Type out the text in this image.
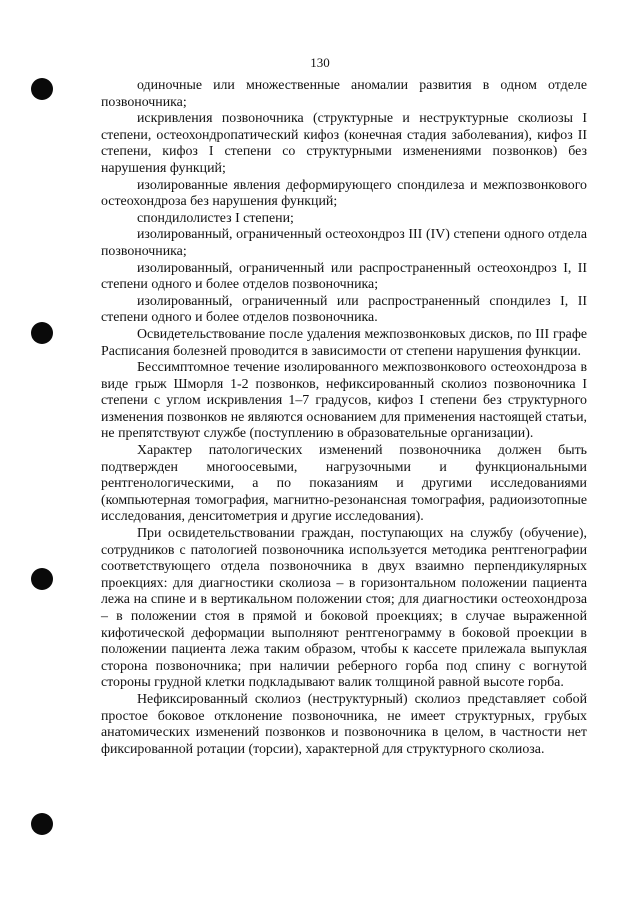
130

одиночные или множественные аномалии развития в одном отделе позвоночника;

искривления позвоночника (структурные и неструктурные сколиозы I степени, остеохондропатический кифоз (конечная стадия заболевания), кифоз II степени, кифоз I степени со структурными изменениями позвонков) без нарушения функций;

изолированные явления деформирующего спондилеза и межпозвонкового остеохондроза без нарушения функций;

спондилолистез I степени;

изолированный, ограниченный остеохондроз III (IV) степени одного отдела позвоночника;

изолированный, ограниченный или распространенный остеохондроз I, II степени одного и более отделов позвоночника;

изолированный, ограниченный или распространенный спондилез I, II степени одного и более отделов позвоночника.

Освидетельствование после удаления межпозвонковых дисков, по III графе Расписания болезней проводится в зависимости от степени нарушения функции.

Бессимптомное течение изолированного межпозвонкового остеохондроза в виде грыж Шморля 1-2 позвонков, нефиксированный сколиоз позвоночника I степени с углом искривления 1–7 градусов, кифоз I степени без структурного изменения позвонков не являются основанием для применения настоящей статьи, не препятствуют службе (поступлению в образовательные организации).

Характер патологических изменений позвоночника должен быть подтвержден многоосевыми, нагрузочными и функциональными рентгенологическими, а по показаниям и другими исследованиями (компьютерная томография, магнитно-резонансная томография, радиоизотопные исследования, денситометрия и другие исследования).

При освидетельствовании граждан, поступающих на службу (обучение), сотрудников с патологией позвоночника используется методика рентгенографии соответствующего отдела позвоночника в двух взаимно перпендикулярных проекциях: для диагностики сколиоза – в горизонтальном положении пациента лежа на спине и в вертикальном положении стоя; для диагностики остеохондроза – в положении стоя в прямой и боковой проекциях; в случае выраженной кифотической деформации выполняют рентгенограмму в боковой проекции в положении пациента лежа таким образом, чтобы к кассете прилежала выпуклая сторона позвоночника; при наличии реберного горба под спину с вогнутой стороны грудной клетки подкладывают валик толщиной равной высоте горба.

Нефиксированный сколиоз (неструктурный) сколиоз представляет собой простое боковое отклонение позвоночника, не имеет структурных, грубых анатомических изменений позвонков и позвоночника в целом, в частности нет фиксированной ротации (торсии), характерной для структурного сколиоза.
